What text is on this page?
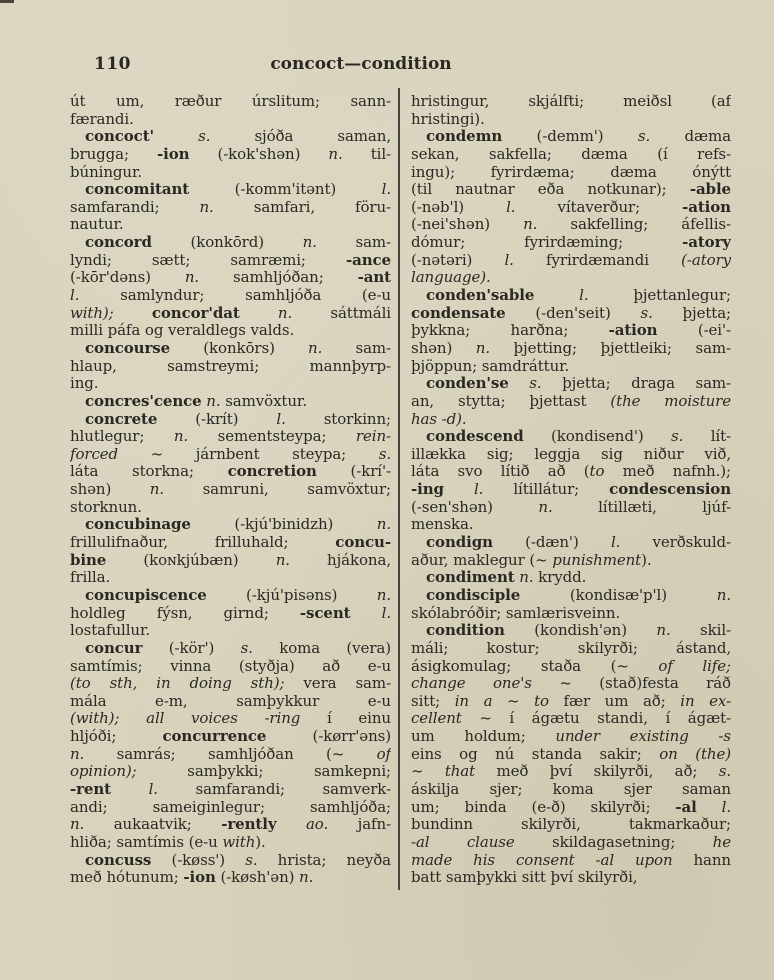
110	concoct—condition
út um, ræður úrslitum; sann-
færandi.
concoct'	s. sjóða saman,
brugga; -ion (-kok'shən) n. til-
búningur.
concomitant (-komm'itənt) l.
samfarandi; n. samfari, föru-
nautur.
concord (konkōrd) n. sam-
lyndi; sætt; samræmi; -ance
(-kōr'dəns) n. samhljóðan; -ant
l. samlyndur; samhljóða (e-u
with);	concor'dat	n. sáttmáli
milli páfa og veraldlegs valds.
concourse (konkōrs) n. sam-
hlaup, samstreymi; mannþyrp-
ing.
concres'cence n. samvöxtur.
concrete (-krít) l. storkinn;
hlutlegur; n. sementsteypa; rein-
forced ~ járnbent steypa; s.
láta storkna; concretion (-krí'-
shən) n. samruni, samvöxtur;
storknun.
concubinage (-kjú'binidzh) n.
frillulifnaður, frilluhald; concu-
bine (koɴkjúbæn) n. hjákona,
frilla.
concupiscence (-kjú'pisəns) n.
holdleg fýsn, girnd; -scent l.
lostafullur.
concur (-kör') s. koma (vera)
samtímis; vinna (styðja) að e-u
(to sth, in doing sth); vera sam-
mála e-m, samþykkur e-u
(with); all voices -ring í einu
hljóði; concurrence (-kørr'əns)
n. samrás; samhljóðan (~ of
opinion); samþykki; samkepni;
-rent	l. samfarandi; samverk-
andi; sameiginlegur; samhljóða;
n. aukaatvik; -rently ao. jafn-
hliða; samtímis (e-u with).
concuss (-køss') s. hrista; neyða
með hótunum; -ion (-køsh'ən) n.
hristingur, skjálfti; meiðsl (af
hristingi).
condemn (-demm') s. dæma
sekan, sakfella; dæma (í refs-
ingu); fyrirdæma; dæma ónýtt
(til nautnar eða notkunar); -able
(-nəb'l) l. vítaverður; -ation
(-nei'shən) n. sakfelling; áfellis-
dómur; fyrirdæming; -atory
(-nətəri) l. fyrirdæmandi (-atory
language).
conden'sable	l. þjettanlegur;
condensate (-den'seit) s. þjetta;
þykkna; harðna; -ation (-ei'-
shən) n. þjetting; þjettleiki; sam-
þjöppun; samdráttur.
conden'se s. þjetta; draga sam-
an, stytta; þjettast (the moisture
has -d).
condescend (kondisend') s. lít-
illækka sig; leggja sig niður við,
láta svo lítið að (to með nafnh.);
-ing l. lítillátur; condescension
(-sen'shən) n. lítillæti, ljúf-
menska.
condign (-dæn') l. verðskuld-
aður, maklegur (~ punishment).
condiment n. krydd.
condisciple (kondisæ'p'l) n.
skólabróðir; samlærisveinn.
condition (kondish'ən) n. skil-
máli; kostur; skilyrði; ástand,
ásigkomulag; staða (~ of life;
change one's ~ (stað)festa ráð
sitt; in a ~ to fær um að; in ex-
cellent ~ í ágætu standi, í ágæt-
um holdum; under existing -s
eins og nú standa sakir; on (the)
~ that með því skilyrði, að; s.
áskilja sjer; koma sjer saman
um; binda (e-ð) skilyrði; -al l.
bundinn skilyrði, takmarkaður;
-al clause skildagasetning; he
made his consent -al upon hann
batt samþykki sitt því skilyrði,
